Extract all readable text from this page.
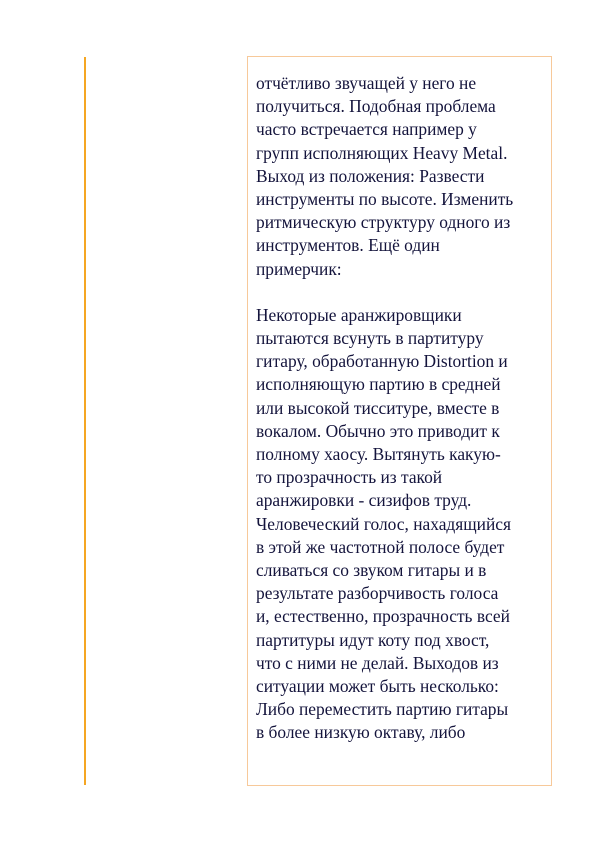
отчётливо звучащей у него не
получиться. Подобная проблема
часто встречается например у
групп исполняющих Heavy Metal.
Выход из положения: Развести
инструменты по высоте. Изменить
ритмическую структуру одного из
инструментов. Ещё один
примерчик:
Некоторые аранжировщики
пытаются всунуть в партитуру
гитару, обработанную Distortion и
исполняющую партию в средней
или высокой тисситуре, вместе в
вокалом. Обычно это приводит к
полному хаосу. Вытянуть какую-
то прозрачность из такой
аранжировки - сизифов труд.
Человеческий голос, нахадящийся
в этой же частотной полосе будет
сливаться со звуком гитары и в
результате разборчивость голоса
и, естественно, прозрачность всей
партитуры идут коту под хвост,
что с ними не делай. Выходов из
ситуации может быть несколько:
Либо переместить партию гитары
в более низкую октаву, либо
